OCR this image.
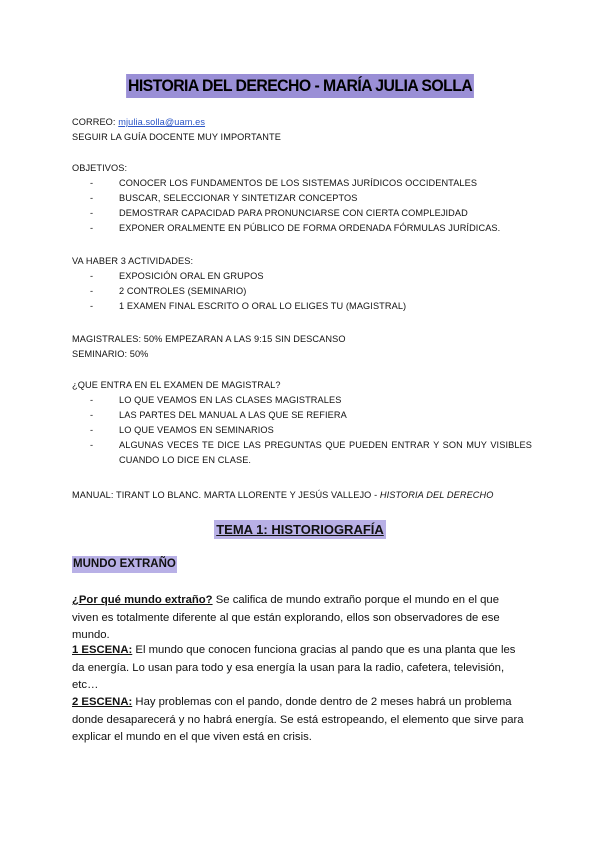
HISTORIA DEL DERECHO - MARÍA JULIA SOLLA
CORREO: mjulia.solla@uam.es
SEGUIR LA GUÍA DOCENTE MUY IMPORTANTE
OBJETIVOS:
-	CONOCER LOS FUNDAMENTOS DE LOS SISTEMAS JURÍDICOS OCCIDENTALES
-	BUSCAR, SELECCIONAR Y SINTETIZAR CONCEPTOS
-	DEMOSTRAR CAPACIDAD PARA PRONUNCIARSE CON CIERTA COMPLEJIDAD
-	EXPONER ORALMENTE EN PÚBLICO DE FORMA ORDENADA FÓRMULAS JURÍDICAS.
VA HABER 3 ACTIVIDADES:
-	EXPOSICIÓN ORAL EN GRUPOS
-	2 CONTROLES (SEMINARIO)
-	1 EXAMEN FINAL ESCRITO O ORAL LO ELIGES TU (MAGISTRAL)
MAGISTRALES: 50% EMPEZARAN A LAS 9:15 SIN DESCANSO
SEMINARIO: 50%
¿QUE ENTRA EN EL EXAMEN DE MAGISTRAL?
-	LO QUE VEAMOS EN LAS CLASES MAGISTRALES
-	LAS PARTES DEL MANUAL A LAS QUE SE REFIERA
-	LO QUE VEAMOS EN SEMINARIOS
-	ALGUNAS VECES TE DICE LAS PREGUNTAS QUE PUEDEN ENTRAR Y SON MUY VISIBLES CUANDO LO DICE EN CLASE.
MANUAL: TIRANT LO BLANC. MARTA LLORENTE Y JESÚS VALLEJO - HISTORIA DEL DERECHO
TEMA 1: HISTORIOGRAFÍA
MUNDO EXTRAÑO
¿Por qué mundo extraño? Se califica de mundo extraño porque el mundo en el que viven es totalmente diferente al que están explorando, ellos son observadores de ese mundo.
1 ESCENA: El mundo que conocen funciona gracias al pando que es una planta que les da energía. Lo usan para todo y esa energía la usan para la radio, cafetera, televisión, etc…
2 ESCENA: Hay problemas con el pando, donde dentro de 2 meses habrá un problema donde desaparecerá y no habrá energía. Se está estropeando, el elemento que sirve para explicar el mundo en el que viven está en crisis.
